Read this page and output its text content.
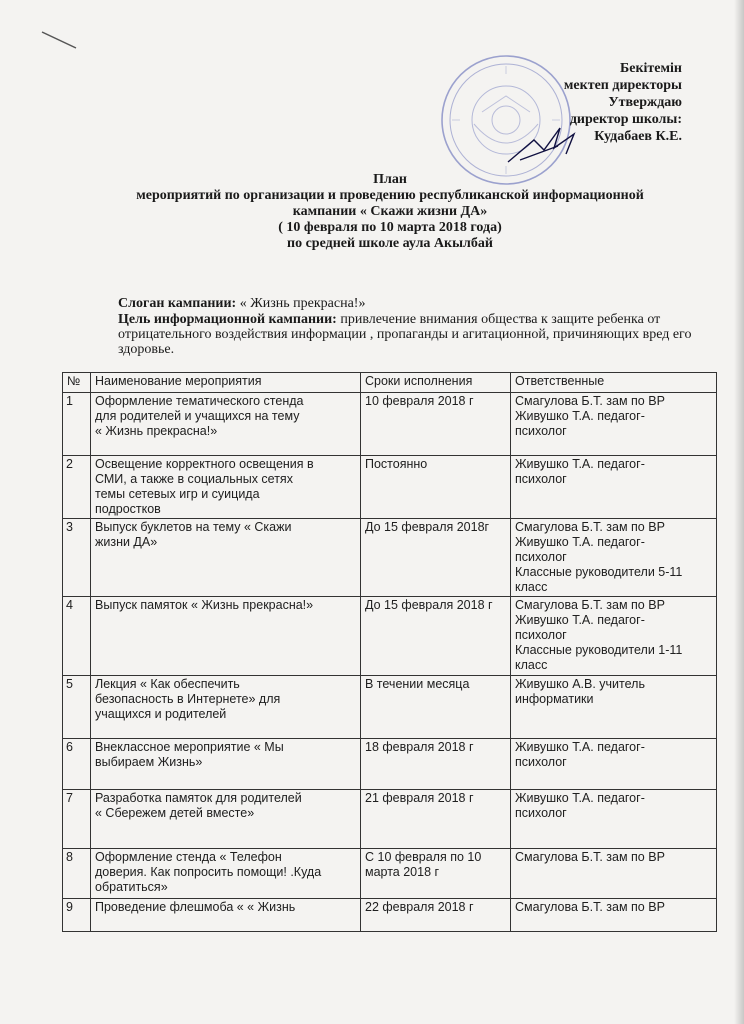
Бекітемін
мектеп директоры
Утверждаю
директор школы:
Кудабаев К.Е.
План
мероприятий по организации и проведению республиканской информационной
кампании « Скажи жизни ДА»
( 10 февраля по 10 марта 2018 года)
по средней школе аула Акылбай
Слоган кампании: « Жизнь прекрасна!»
Цель информационной кампании: привлечение внимания общества к защите ребенка от отрицательного воздействия информации , пропаганды и агитационной, причиняющих вред его здоровье.
№	Наименование мероприятия	Сроки исполнения	Ответственные
1	Оформление тематического стенда
для родителей и учащихся на тему
« Жизнь прекрасна!»	10 февраля 2018 г	Смагулова Б.Т. зам по ВР
Живушко Т.А. педагог-
психолог

2	Освещение корректного освещения в
СМИ, а также в социальных сетях
темы сетевых игр и суицида
подростков	Постоянно	Живушко Т.А. педагог-
психолог

3	Выпуск буклетов на тему « Скажи
жизни ДА»	До 15 февраля 2018г	Смагулова Б.Т. зам по ВР
Живушко Т.А. педагог-
психолог
Классные руководители 5-11
класс

4	Выпуск памяток « Жизнь прекрасна!»	До 15 февраля 2018 г	Смагулова Б.Т. зам по ВР
Живушко Т.А. педагог-
психолог
Классные руководители 1-11
класс

5	Лекция « Как обеспечить
безопасность в Интернете» для
учащихся и родителей	В течении месяца	Живушко А.В. учитель
информатики

6	Внеклассное мероприятие « Мы
выбираем Жизнь»	18 февраля 2018 г	Живушко Т.А. педагог-
психолог

7	Разработка памяток для родителей
« Сбережем детей вместе»	21 февраля 2018 г	Живушко Т.А. педагог-
психолог

8	Оформление стенда « Телефон
доверия. Как попросить помощи! .Куда
обратиться»	С 10 февраля по 10
марта 2018 г	Смагулова Б.Т. зам по ВР

9	Проведение флешмоба « « Жизнь	22 февраля 2018 г	Смагулова Б.Т. зам по ВР
